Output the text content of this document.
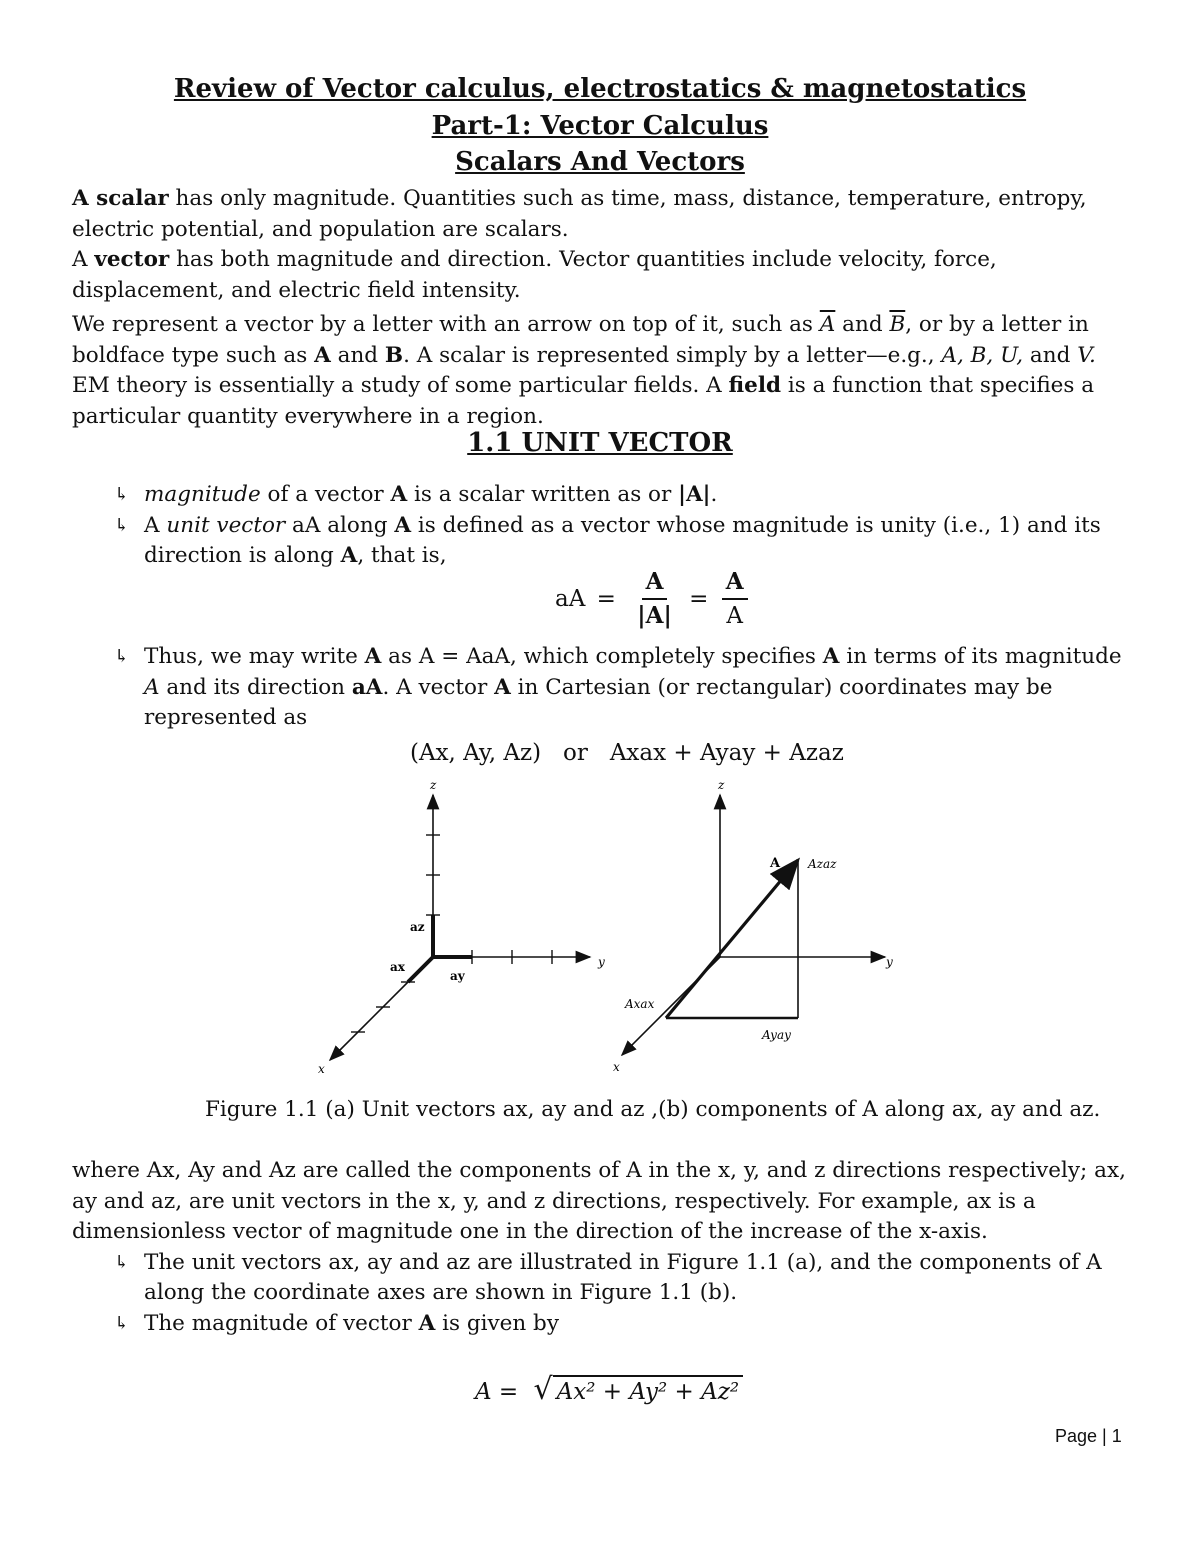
Review of Vector calculus, electrostatics & magnetostatics
Part-1: Vector Calculus
Scalars And Vectors

A scalar has only magnitude. Quantities such as time, mass, distance, temperature, entropy, electric potential, and population are scalars.

A vector has both magnitude and direction. Vector quantities include velocity, force, displacement, and electric field intensity.

We represent a vector by a letter with an arrow on top of it, such as $\overline{A}$ and $\overline{B}$, or by a letter in boldface type such as A and B. A scalar is represented simply by a letter—e.g., A, B, U, and V.

EM theory is essentially a study of some particular fields. A field is a function that specifies a particular quantity everywhere in a region.

1.1 UNIT VECTOR
↳ magnitude of a vector A is a scalar written as or |A|.
↳ A unit vector aA along A is defined as a vector whose magnitude is unity (i.e., 1) and its direction is along A, that is,
aA = $\frac{A}{|A|} = \frac{A}{A}$
↳ Thus, we may write A as A = AaA, which completely specifies A in terms of its magnitude A and its direction aA. A vector A in Cartesian (or rectangular) coordinates may be represented as
(Ax, Ay, Az)   or   Axax + Ayay + Azaz
z
y
x
az
ay
ax
z
y
x
A Azaz
Axax
Ayay
Figure 1.1 (a) Unit vectors ax, ay and az ,(b) components of A along ax, ay and az.

where Ax, Ay and Az are called the components of A in the x, y, and z directions respectively; ax, ay and az, are unit vectors in the x, y, and z directions, respectively. For example, ax is a dimensionless vector of magnitude one in the direction of the increase of the x-axis.

↳ The unit vectors ax, ay and az are illustrated in Figure 1.1 (a), and the components of A along the coordinate axes are shown in Figure 1.1 (b).
↳ The magnitude of vector A is given by
A = √ Ax² + Ay² + Az²
Page | 1
